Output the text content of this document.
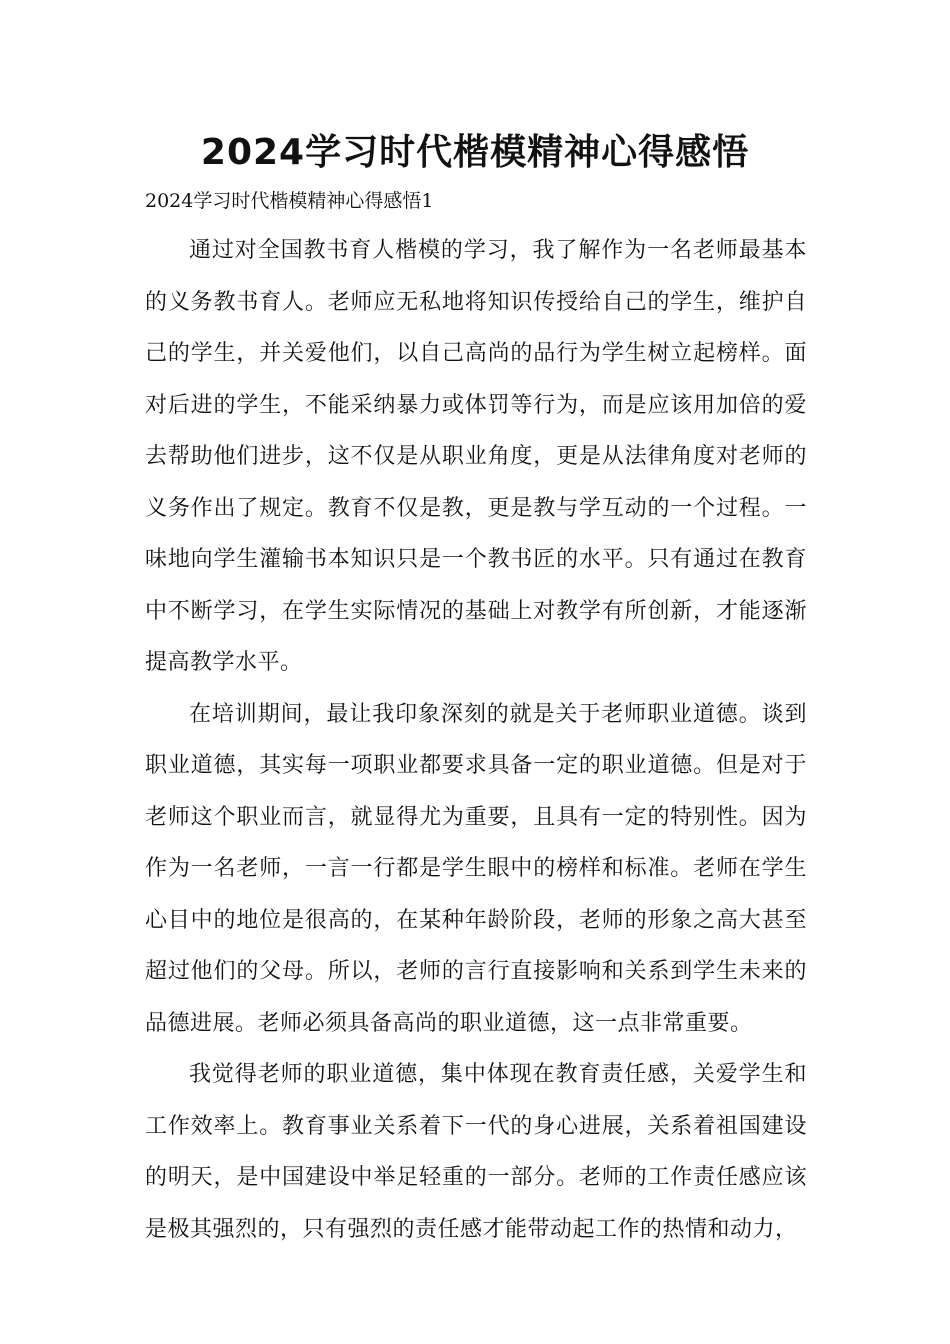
2024学习时代楷模精神心得感悟
2024学习时代楷模精神心得感悟1

通过对全国教书育人楷模的学习，我了解作为一名老师最基本的义务教书育人。老师应无私地将知识传授给自己的学生，维护自己的学生，并关爱他们，以自己高尚的品行为学生树立起榜样。面对后进的学生，不能采纳暴力或体罚等行为，而是应该用加倍的爱去帮助他们进步，这不仅是从职业角度，更是从法律角度对老师的义务作出了规定。教育不仅是教，更是教与学互动的一个过程。一味地向学生灌输书本知识只是一个教书匠的水平。只有通过在教育中不断学习，在学生实际情况的基础上对教学有所创新，才能逐渐提高教学水平。

在培训期间，最让我印象深刻的就是关于老师职业道德。谈到职业道德，其实每一项职业都要求具备一定的职业道德。但是对于老师这个职业而言，就显得尤为重要，且具有一定的特别性。因为作为一名老师，一言一行都是学生眼中的榜样和标准。老师在学生心目中的地位是很高的，在某种年龄阶段，老师的形象之高大甚至超过他们的父母。所以，老师的言行直接影响和关系到学生未来的品德进展。老师必须具备高尚的职业道德，这一点非常重要。

我觉得老师的职业道德，集中体现在教育责任感，关爱学生和工作效率上。教育事业关系着下一代的身心进展，关系着祖国建设的明天，是中国建设中举足轻重的一部分。老师的工作责任感应该是极其强烈的，只有强烈的责任感才能带动起工作的热情和动力，
